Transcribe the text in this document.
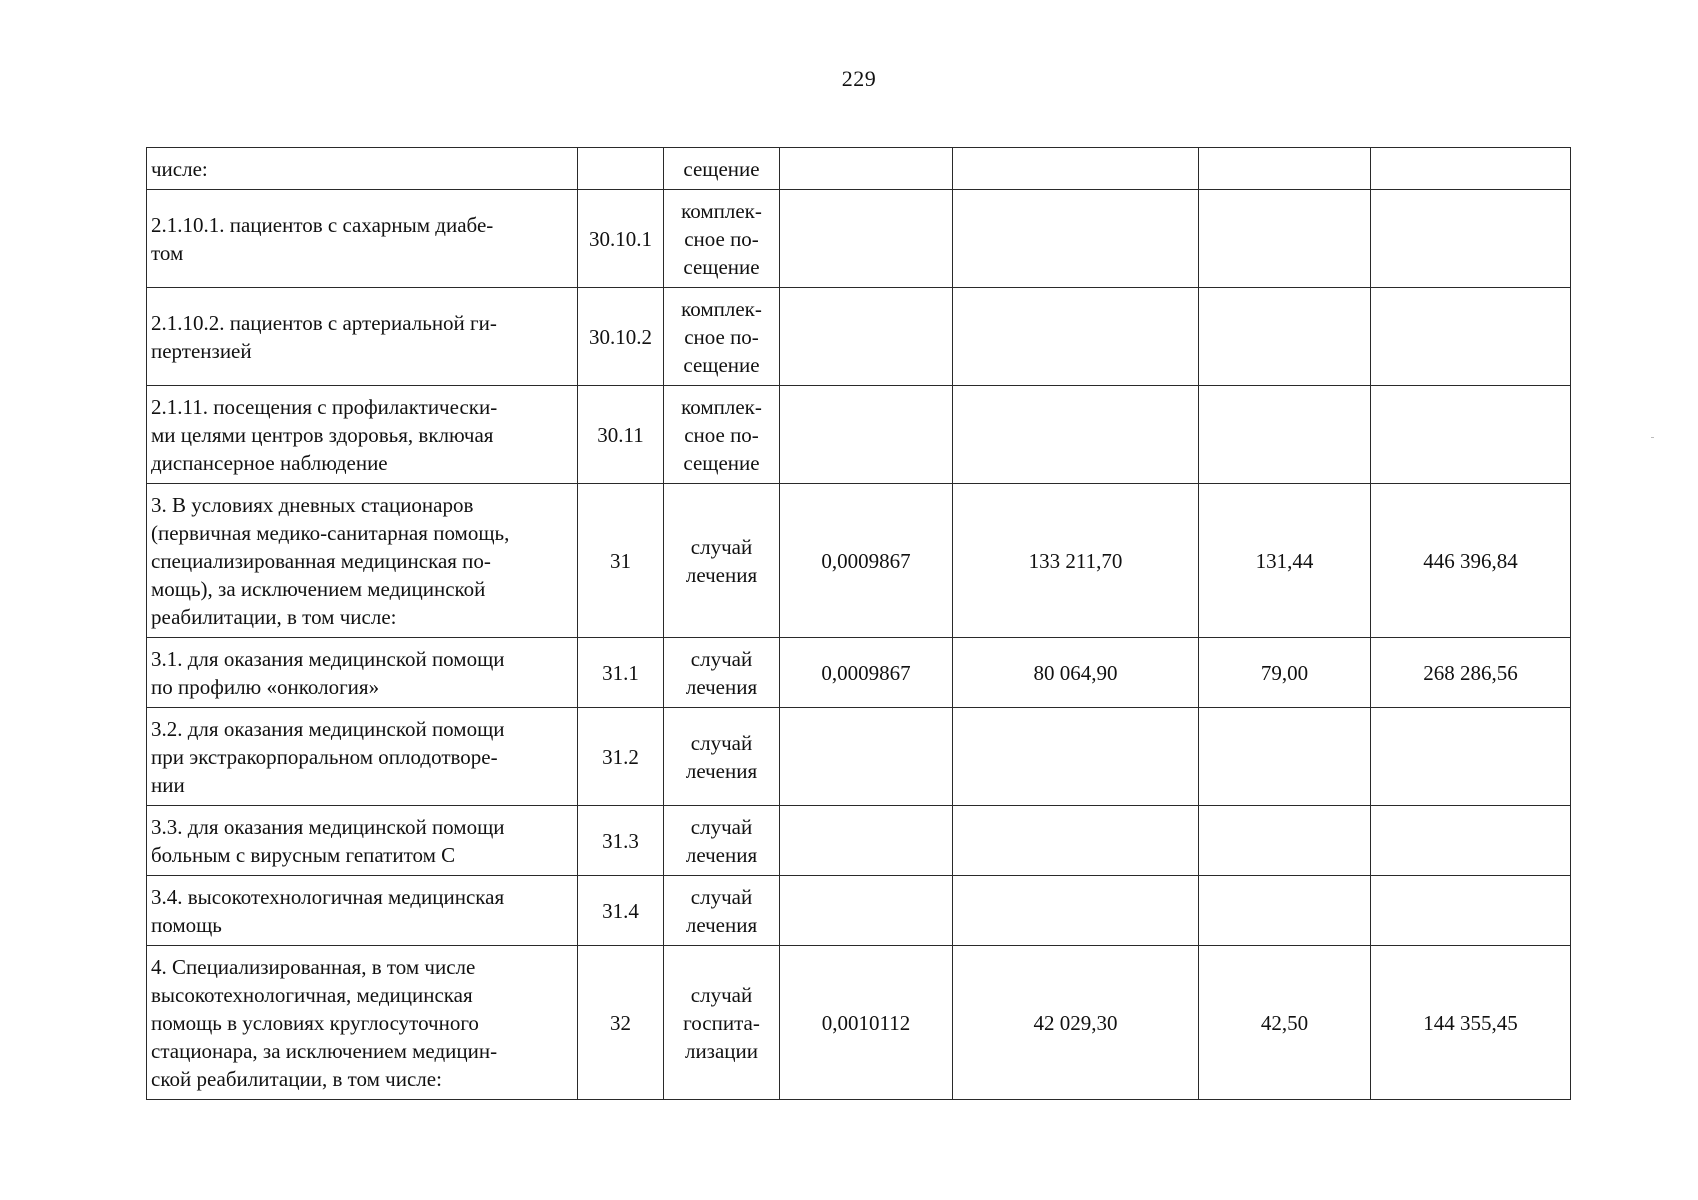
229
числе:		сещение				

2.1.10.1. пациентов с сахарным диабе-
том	30.10.1	комплек-
сное по-
сещение				

2.1.10.2. пациентов с артериальной ги-
пертензией	30.10.2	комплек-
сное по-
сещение				

2.1.11. посещения с профилактически-
ми целями центров здоровья, включая
диспансерное наблюдение	30.11	комплек-
сное по-
сещение				

3. В условиях дневных стационаров
(первичная медико-санитарная помощь,
специализированная медицинская по-
мощь), за исключением медицинской
реабилитации, в том числе:	31	случай
лечения	0,0009867	133 211,70	131,44	446 396,84

3.1. для оказания медицинской помощи
по профилю «онкология»	31.1	случай
лечения	0,0009867	80 064,90	79,00	268 286,56

3.2. для оказания медицинской помощи
при экстракорпоральном оплодотворе-
нии	31.2	случай
лечения				

3.3. для оказания медицинской помощи
больным с вирусным гепатитом С	31.3	случай
лечения				

3.4. высокотехнологичная медицинская
помощь	31.4	случай
лечения				

4. Специализированная, в том числе
высокотехнологичная, медицинская
помощь в условиях круглосуточного
стационара, за исключением медицин-
ской реабилитации, в том числе:	32	случай
госпита-
лизации	0,0010112	42 029,30	42,50	144 355,45
